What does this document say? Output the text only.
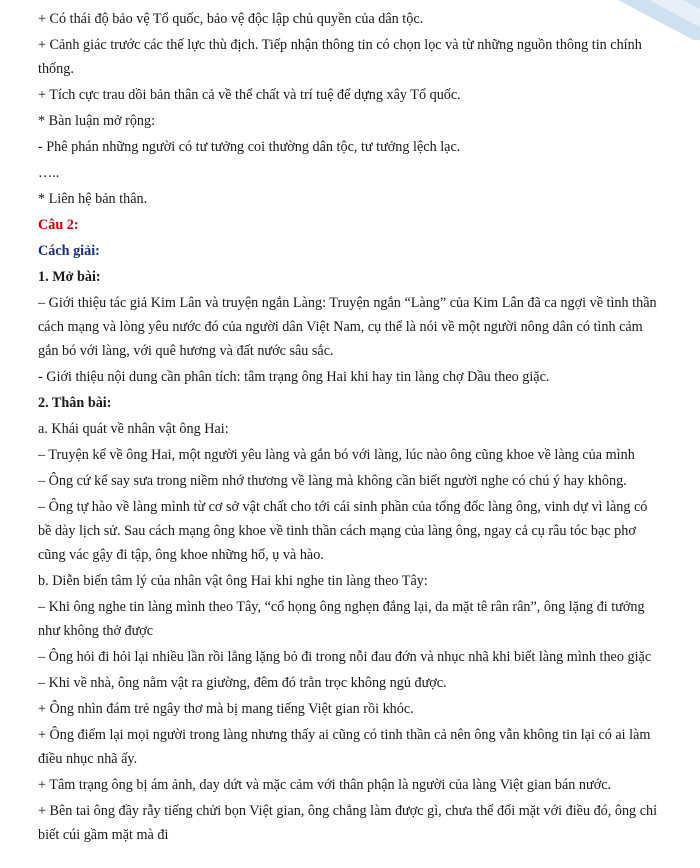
+ Có thái độ bảo vệ Tổ quốc, bảo vệ độc lập chủ quyền của dân tộc.

+ Cảnh giác trước các thế lực thù địch. Tiếp nhận thông tin có chọn lọc và từ những nguồn thông tin chính thống.

+ Tích cực trau dồi bản thân cả về thể chất và trí tuệ để dựng xây Tổ quốc.

* Bàn luận mở rộng:

- Phê phán những người có tư tưởng coi thường dân tộc, tư tưởng lệch lạc.

…..

* Liên hệ bản thân.

Câu 2:

Cách giải:

1. Mở bài:

– Giới thiệu tác giả Kim Lân và truyện ngắn Làng: Truyện ngắn “Làng” của Kim Lân đã ca ngợi về tình thần cách mạng và lòng yêu nước đó của người dân Việt Nam, cụ thể là nói về một người nông dân có tình cảm gắn bó với làng, với quê hương và đất nước sâu sắc.

- Giới thiệu nội dung cần phân tích: tâm trạng ông Hai khi hay tin làng chợ Dầu theo giặc.

2. Thân bài:

a. Khái quát về nhân vật ông Hai:

– Truyện kể về ông Hai, một người yêu làng và gắn bó với làng, lúc nào ông cũng khoe về làng của mình

– Ông cứ kể say sưa trong niềm nhớ thương về làng mà không cần biết người nghe có chú ý hay không.

– Ông tự hào về làng mình từ cơ sở vật chất cho tới cái sinh phần của tổng đốc làng ông, vinh dự vì làng có bề dày lịch sử. Sau cách mạng ông khoe về tinh thần cách mạng của làng ông, ngay cả cụ râu tóc bạc phơ cũng vác gậy đi tập, ông khoe những hố, ụ và hào.

b. Diễn biến tâm lý của nhân vật ông Hai khi nghe tin làng theo Tây:

– Khi ông nghe tin làng mình theo Tây, “cổ họng ông nghẹn đắng lại, da mặt tê rân rân”, ông lặng đi tưởng như không thở được

– Ông hỏi đi hỏi lại nhiều lần rồi lẳng lặng bỏ đi trong nỗi đau đớn và nhục nhã khi biết làng mình theo giặc

– Khi về nhà, ông nằm vật ra giường, đêm đó trằn trọc không ngủ được.

+ Ông nhìn đám trẻ ngây thơ mà bị mang tiếng Việt gian rồi khóc.

+ Ông điểm lại mọi người trong làng nhưng thấy ai cũng có tinh thần cả nên ông vẫn không tin lại có ai làm điều nhục nhã ấy.

+ Tâm trạng ông bị ám ảnh, day dứt và mặc cảm với thân phận là người của làng Việt gian bán nước.

+ Bên tai ông đầy rẫy tiếng chửi bọn Việt gian, ông chẳng làm được gì, chưa thể đối mặt với điều đó, ông chỉ biết cúi gầm mặt mà đi
